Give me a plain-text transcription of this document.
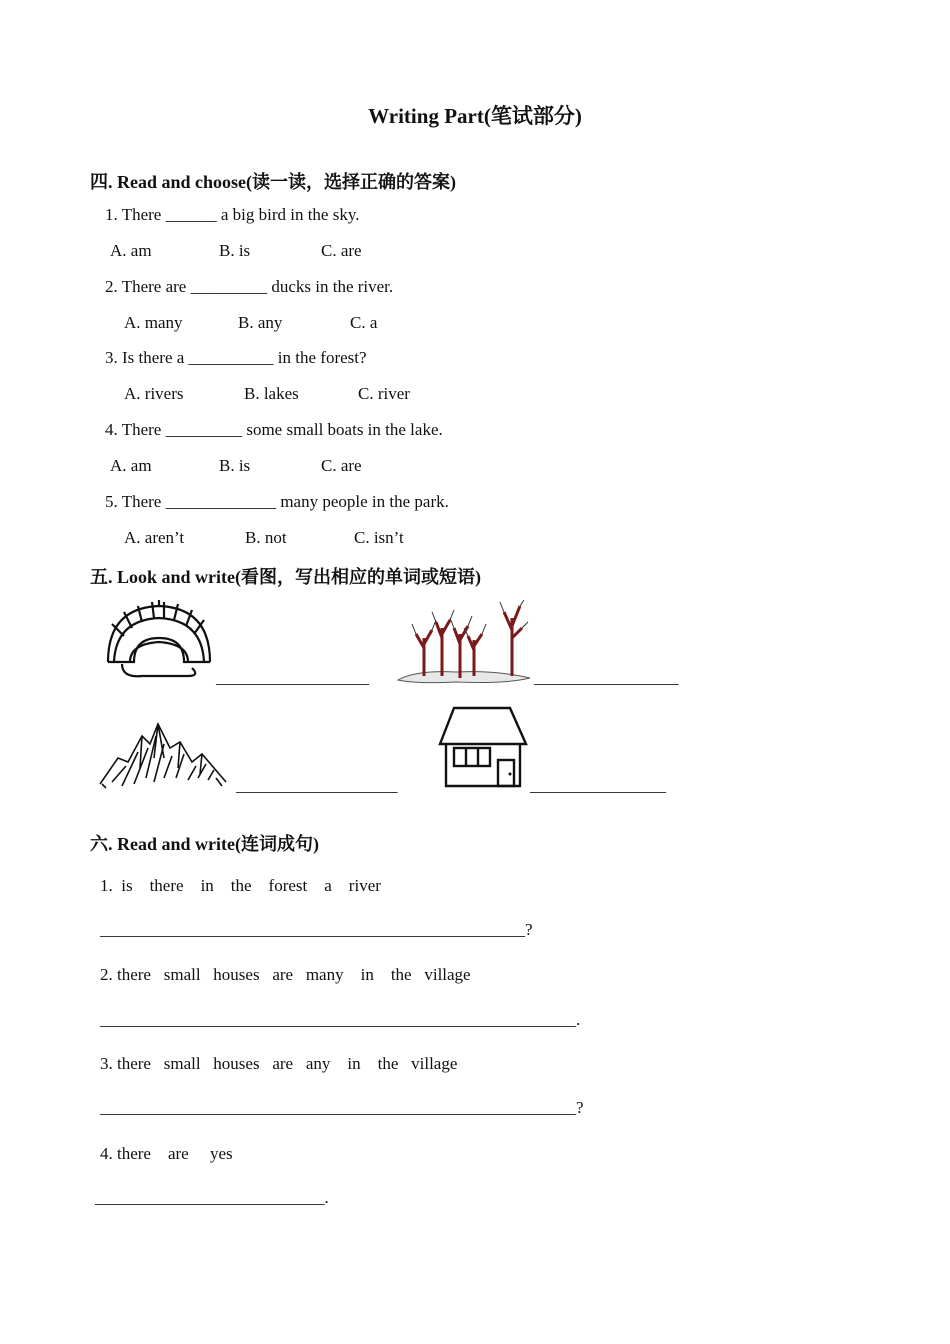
Writing Part(笔试部分)
四. Read and choose(读一读，选择正确的答案)
1. There ______ a big bird in the sky.
A. am	B. is	C. are
2. There are _________ ducks in the river.
A. many	B. any	C. a
3. Is there a __________ in the forest?
A. rivers	B. lakes	C. river
4. There _________ some small boats in the lake.
A. am	B. is	C. are
5. There _____________ many people in the park.
A. aren’t	B. not	C. isn’t
五. Look and write(看图，写出相应的单词或短语)
__________________	_________________
___________________	________________
六. Read and write(连词成句)
1.  is    there    in    the    forest    a    river
__________________________________________________?
2. there   small   houses   are   many    in    the   village
________________________________________________________.
3. there   small   houses   are   any    in    the   village
________________________________________________________?
4. there    are     yes
___________________________.
